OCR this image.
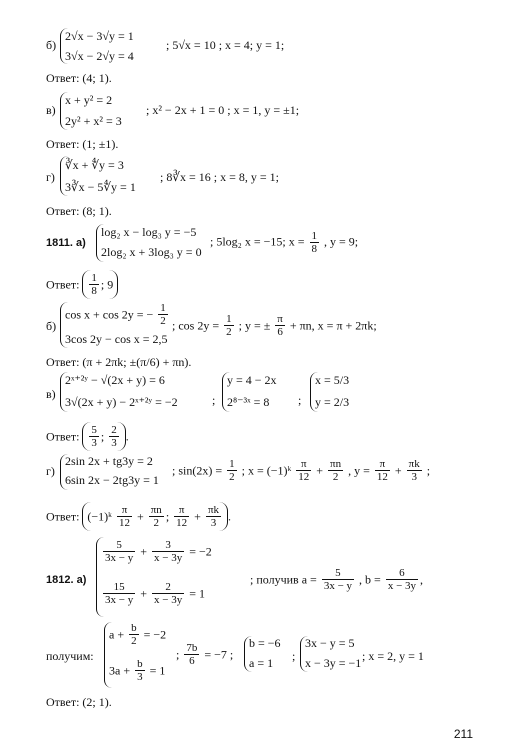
б)
2√x − 3√y = 1
3√x − 2√y = 4
; 5√x = 10 ; x = 4; y = 1;
Ответ: (4; 1).
в)
x + y² = 2
2y² + x² = 3
; x² − 2x + 1 = 0 ; x = 1, y = ±1;
Ответ: (1; ±1).
г)
∛x + ∜y = 3
3∛x − 5∜y = 1
; 8∛x = 16 ; x = 8, y = 1;
Ответ: (8; 1).
1811. а)
log₂ x − log₃ y = −5
2log₂ x + 3log₃ y = 0
; 5log₂ x = −15; $x = \frac{1}{8}$ , y = 9;
Ответ: $\frac{1}{8}$ ; 9
б)
cos x + cos 2y = − $\frac{1}{2}$
3cos 2y − cos x = 2,5
; $\cos 2y = \frac{1}{2}$ ; y = ± $\frac{\pi}{6} + \pi n$, x = π + 2πk;
Ответ: (π + 2πk; ±(π/6) + πn).
в)
2ˣ⁺²ʸ − √(2x + y) = 6
3√(2x + y) − 2ˣ⁺²ʸ = −2	;
y = 4 − 2x
2⁸⁻³ˣ = 8 ;
x = 5/3
y = 2/3
Ответ: $\frac{5}{3}$ ; $\frac{2}{3}$ .
г)
2sin 2x + tg3y = 2
6sin 2x − 2tg3y = 1
; $\sin(2x) = \frac{1}{2}$ ; x = (−1)ᵏ $\frac{\pi}{12} + \frac{\pi n}{2}$ , $y = \frac{\pi}{12} + \frac{\pi k}{3}$ ;
Ответ: (−1)ᵏ $\frac{\pi}{12} + \frac{\pi n}{2}$ ; $\frac{\pi}{12} + \frac{\pi k}{3}$ .
1812. а)
$\frac{5}{3x - y} + \frac{3}{x - 3y} = -2$
$\frac{15}{3x - y} + \frac{2}{x - 3y} = 1$
; получив $a = \frac{5}{3x - y}$ , $b = \frac{6}{x - 3y}$ ,
получим:
$a + \frac{b}{2} = -2$
$3a + \frac{b}{3} = 1$
; $\frac{7b}{6} = -7$ ;
b = −6
a = 1 ;
3x − y = 5
x − 3y = −1 ; x = 2, y = 1
Ответ: (2; 1).
211
